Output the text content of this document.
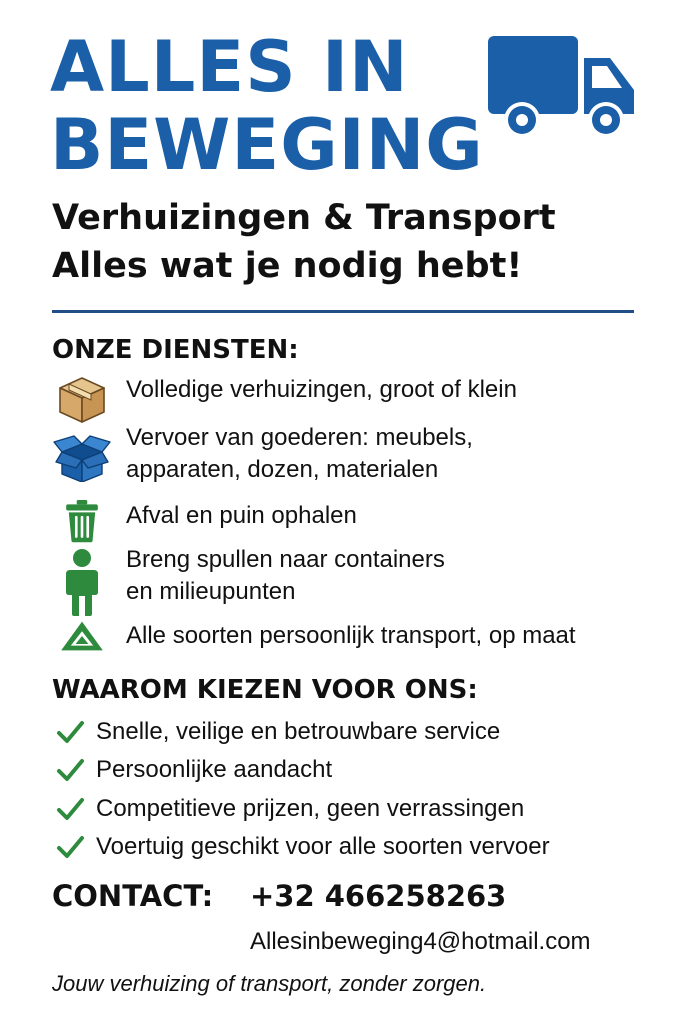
ALLES IN
BEWEGING
Verhuizingen & Transport
Alles wat je nodig hebt!
ONZE DIENSTEN:
Volledige verhuizingen, groot of klein
Vervoer van goederen: meubels,
apparaten, dozen, materialen
Afval en puin ophalen
Breng spullen naar containers
en milieupunten
Alle soorten persoonlijk transport, op maat
WAAROM KIEZEN VOOR ONS:
Snelle, veilige en betrouwbare service
Persoonlijke aandacht
Competitieve prijzen, geen verrassingen
Voertuig geschikt voor alle soorten vervoer
CONTACT: +32 466258263
Allesinbeweging4@hotmail.com
Jouw verhuizing of transport, zonder zorgen.
